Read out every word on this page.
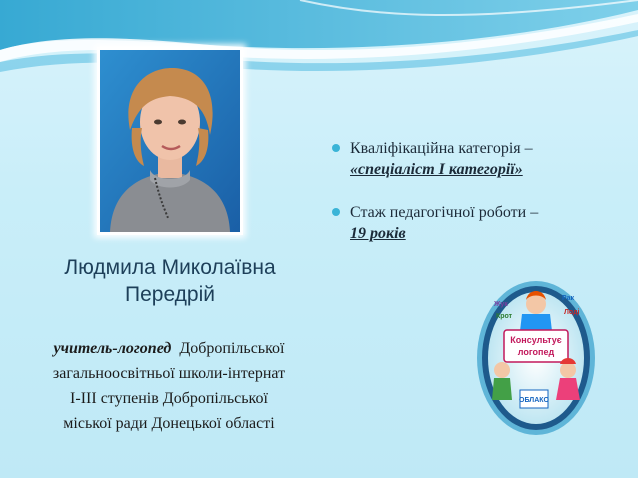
Людмила Миколаївна
Передрій
учитель-логопед Добропільської
загальноосвітньої школи-інтернат
І-ІІІ ступенів Добропільської
міської ради Донецької області
Кваліфікаційна категорія –
«спеціаліст І категорії»
Стаж педагогічної роботи –
19 років
Жук
Крот
Рак
Лоді
Консультує
логопед
ОБЛАКО
